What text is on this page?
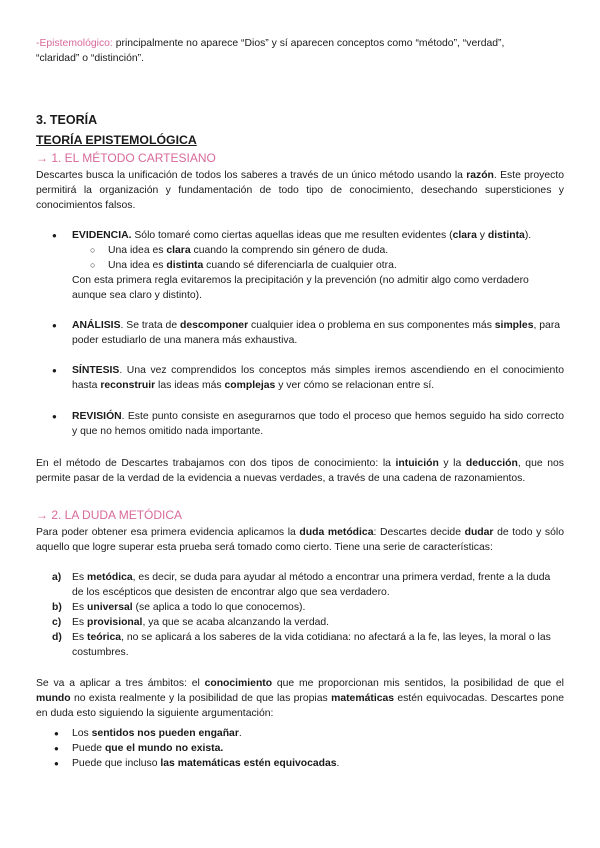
-Epistemológico: principalmente no aparece “Dios” y sí aparecen conceptos como “método”, “verdad”,
“claridad” o “distinción”.

3. TEORÍA
TEORÍA EPISTEMOLÓGICA
→ 1. EL MÉTODO CARTESIANO

Descartes busca la unificación de todos los saberes a través de un único método usando la razón. Este proyecto permitirá la organización y fundamentación de todo tipo de conocimiento, desechando supersticiones y conocimientos falsos.

● EVIDENCIA. Sólo tomaré como ciertas aquellas ideas que me resulten evidentes (clara y distinta).
○ Una idea es clara cuando la comprendo sin género de duda.
○ Una idea es distinta cuando sé diferenciarla de cualquier otra.
Con esta primera regla evitaremos la precipitación y la prevención (no admitir algo como verdadero aunque sea claro y distinto).
● ANÁLISIS. Se trata de descomponer cualquier idea o problema en sus componentes más simples, para poder estudiarlo de una manera más exhaustiva.
● SÍNTESIS. Una vez comprendidos los conceptos más simples iremos ascendiendo en el conocimiento hasta reconstruir las ideas más complejas y ver cómo se relacionan entre sí.
● REVISIÓN. Este punto consiste en asegurarnos que todo el proceso que hemos seguido ha sido correcto y que no hemos omitido nada importante.

En el método de Descartes trabajamos con dos tipos de conocimiento: la intuición y la deducción, que nos permite pasar de la verdad de la evidencia a nuevas verdades, a través de una cadena de razonamientos.

→ 2. LA DUDA METÓDICA

Para poder obtener esa primera evidencia aplicamos la duda metódica: Descartes decide dudar de todo y sólo aquello que logre superar esta prueba será tomado como cierto. Tiene una serie de características:

a) Es metódica, es decir, se duda para ayudar al método a encontrar una primera verdad, frente a la duda de los escépticos que desisten de encontrar algo que sea verdadero.
b) Es universal (se aplica a todo lo que conocemos).
c) Es provisional, ya que se acaba alcanzando la verdad.
d) Es teórica, no se aplicará a los saberes de la vida cotidiana: no afectará a la fe, las leyes, la moral o las costumbres.

Se va a aplicar a tres ámbitos: el conocimiento que me proporcionan mis sentidos, la posibilidad de que el mundo no exista realmente y la posibilidad de que las propias matemáticas estén equivocadas. Descartes pone en duda esto siguiendo la siguiente argumentación:

● Los sentidos nos pueden engañar.
● Puede que el mundo no exista.
● Puede que incluso las matemáticas estén equivocadas.
